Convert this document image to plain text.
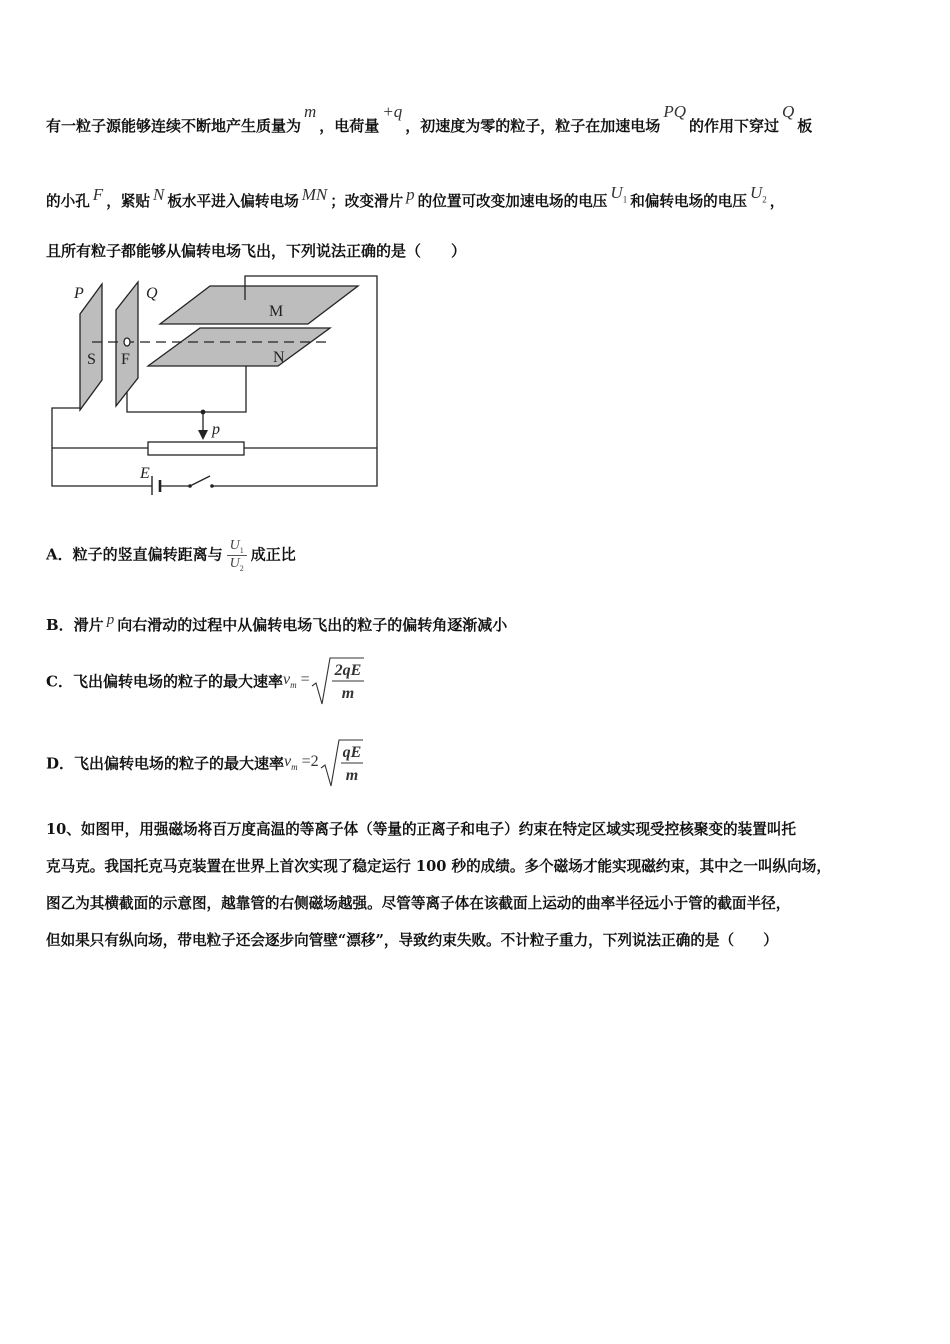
有一粒子源能够连续不断地产生质量为m，电荷量+q，初速度为零的粒子，粒子在加速电场PQ的作用下穿过Q板
的小孔 F ，紧贴 N 板水平进入偏转电场 MN ；改变滑片 p 的位置可改变加速电场的电压 $U_1$ 和偏转电场的电压 $U_2$ ，
且所有粒子都能够从偏转电场飞出，下列说法正确的是（　　）
P	Q
S F
M
N
p
E
A．粒子的竖直偏转距离与 $\frac{U_1}{U_2}$ 成正比
B．滑片 p 向右滑动的过程中从偏转电场飞出的粒子的偏转角逐渐减小
C．飞出偏转电场的粒子的最大速率$v_m$ =
2qE
m
D．飞出偏转电场的粒子的最大速率$v_m =2$
qE
m
10、如图甲，用强磁场将百万度高温的等离子体（等量的正离子和电子）约束在特定区域实现受控核聚变的装置叫托
克马克。我国托克马克装置在世界上首次实现了稳定运行 100 秒的成绩。多个磁场才能实现磁约束，其中之一叫纵向场，
图乙为其横截面的示意图，越靠管的右侧磁场越强。尽管等离子体在该截面上运动的曲率半径远小于管的截面半径，
但如果只有纵向场，带电粒子还会逐步向管壁“漂移”，导致约束失败。不计粒子重力，下列说法正确的是（　　）
